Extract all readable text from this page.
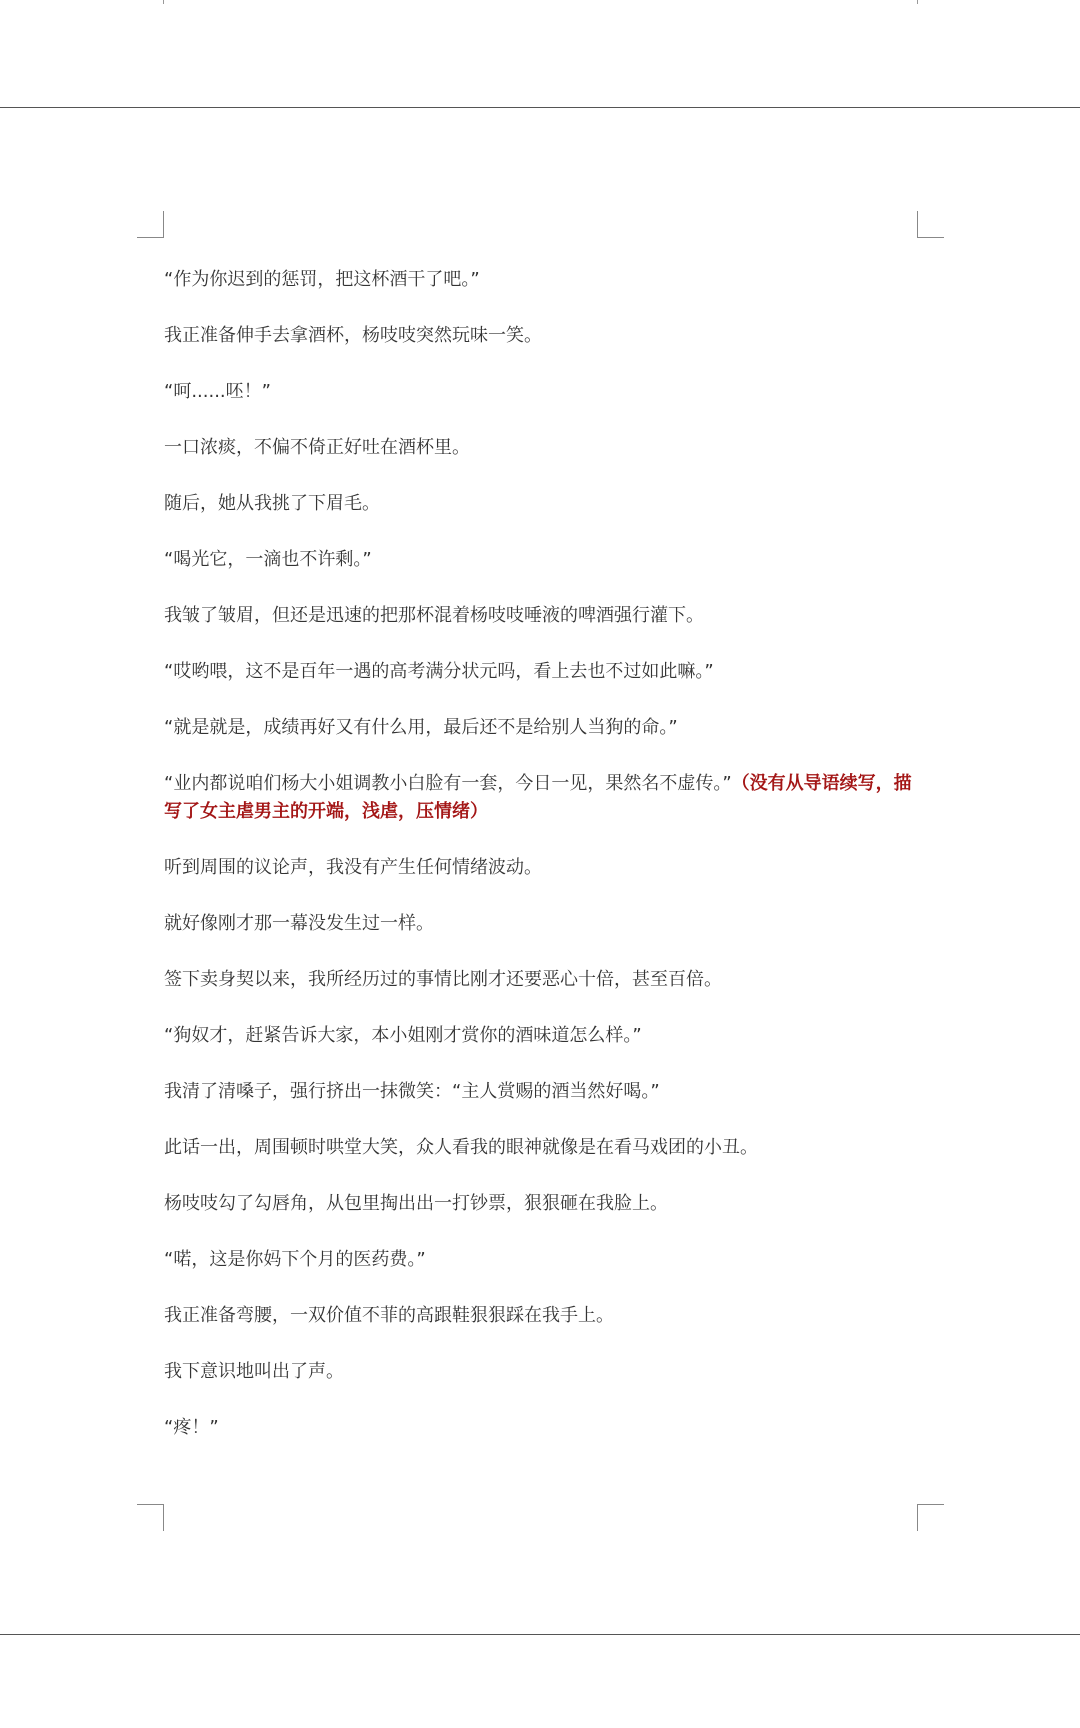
“作为你迟到的惩罚，把这杯酒干了吧。”

我正准备伸手去拿酒杯，杨吱吱突然玩味一笑。

“呵......呸！”

一口浓痰，不偏不倚正好吐在酒杯里。

随后，她从我挑了下眉毛。

“喝光它，一滴也不许剩。”

我皱了皱眉，但还是迅速的把那杯混着杨吱吱唾液的啤酒强行灌下。

“哎哟喂，这不是百年一遇的高考满分状元吗，看上去也不过如此嘛。”

“就是就是，成绩再好又有什么用，最后还不是给别人当狗的命。”

“业内都说咱们杨大小姐调教小白脸有一套，今日一见，果然名不虚传。”（没有从导语续写，描写了女主虐男主的开端，浅虐，压情绪）

听到周围的议论声，我没有产生任何情绪波动。

就好像刚才那一幕没发生过一样。

签下卖身契以来，我所经历过的事情比刚才还要恶心十倍，甚至百倍。

“狗奴才，赶紧告诉大家，本小姐刚才赏你的酒味道怎么样。”

我清了清嗓子，强行挤出一抹微笑：“主人赏赐的酒当然好喝。”

此话一出，周围顿时哄堂大笑，众人看我的眼神就像是在看马戏团的小丑。

杨吱吱勾了勾唇角，从包里掏出出一打钞票，狠狠砸在我脸上。

“喏，这是你妈下个月的医药费。”

我正准备弯腰，一双价值不菲的高跟鞋狠狠踩在我手上。

我下意识地叫出了声。

“疼！”
